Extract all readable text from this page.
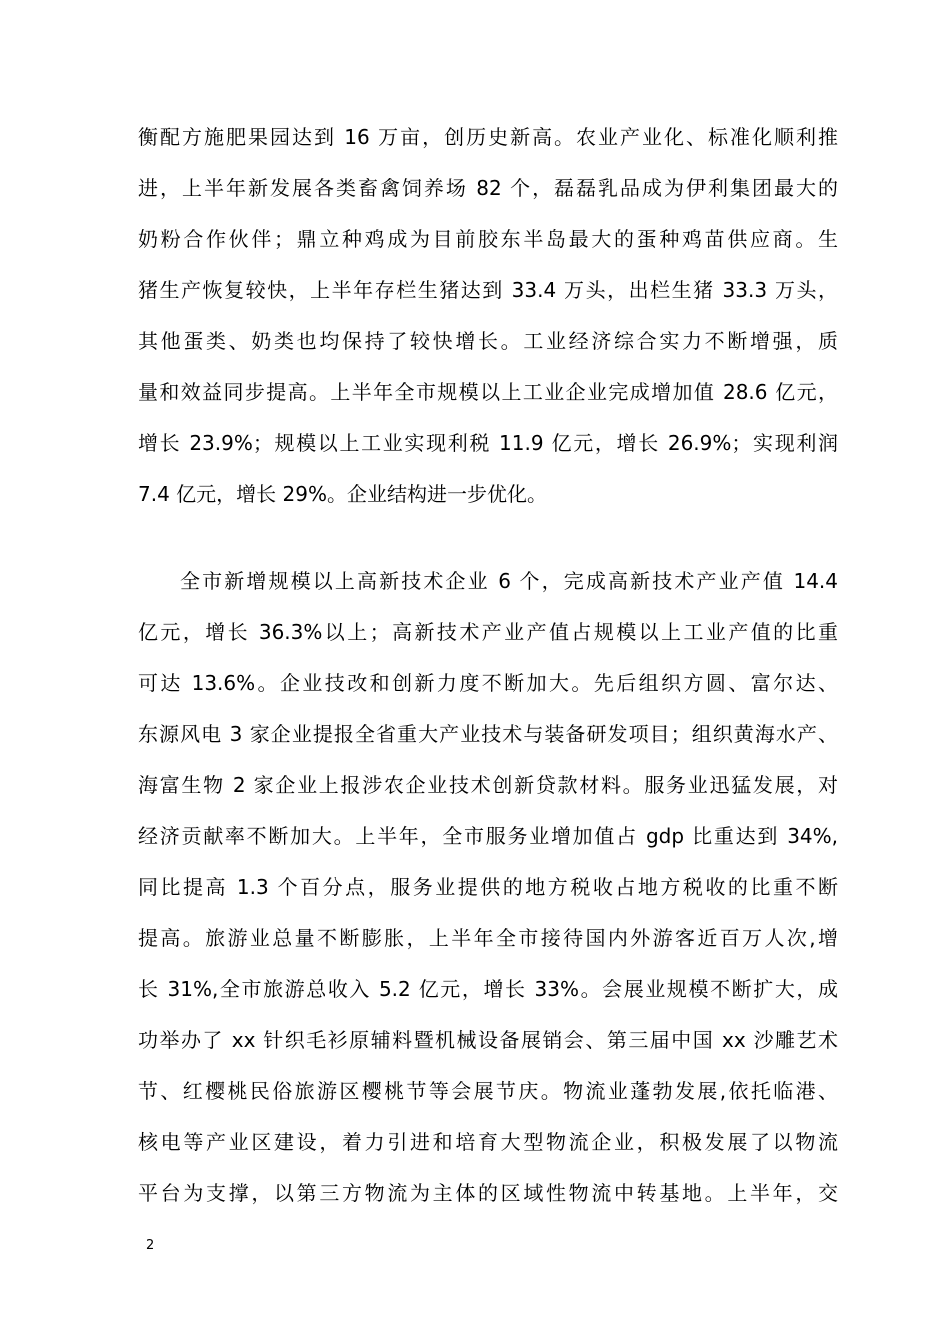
衡配方施肥果园达到 16 万亩，创历史新高。农业产业化、标准化顺利推
进，上半年新发展各类畜禽饲养场 82 个，磊磊乳品成为伊利集团最大的
奶粉合作伙伴；鼎立种鸡成为目前胶东半岛最大的蛋种鸡苗供应商。生
猪生产恢复较快，上半年存栏生猪达到 33.4 万头，出栏生猪 33.3 万头，
其他蛋类、奶类也均保持了较快增长。工业经济综合实力不断增强，质
量和效益同步提高。上半年全市规模以上工业企业完成增加值 28.6 亿元，
增长 23.9%；规模以上工业实现利税 11.9 亿元，增长 26.9%；实现利润
7.4 亿元，增长 29%。企业结构进一步优化。
全市新增规模以上高新技术企业 6 个，完成高新技术产业产值 14.4
亿元，增长 36.3%以上；高新技术产业产值占规模以上工业产值的比重
可达 13.6%。企业技改和创新力度不断加大。先后组织方圆、富尔达、
东源风电 3 家企业提报全省重大产业技术与装备研发项目；组织黄海水产、
海富生物 2 家企业上报涉农企业技术创新贷款材料。服务业迅猛发展，对
经济贡献率不断加大。上半年，全市服务业增加值占 gdp 比重达到 34%,
同比提高 1.3 个百分点，服务业提供的地方税收占地方税收的比重不断
提高。旅游业总量不断膨胀，上半年全市接待国内外游客近百万人次,增
长 31%,全市旅游总收入 5.2 亿元，增长 33%。会展业规模不断扩大，成
功举办了 xx 针织毛衫原辅料暨机械设备展销会、第三届中国 xx 沙雕艺术
节、红樱桃民俗旅游区樱桃节等会展节庆。物流业蓬勃发展,依托临港、
核电等产业区建设，着力引进和培育大型物流企业，积极发展了以物流
平台为支撑，以第三方物流为主体的区域性物流中转基地。上半年，交
2
